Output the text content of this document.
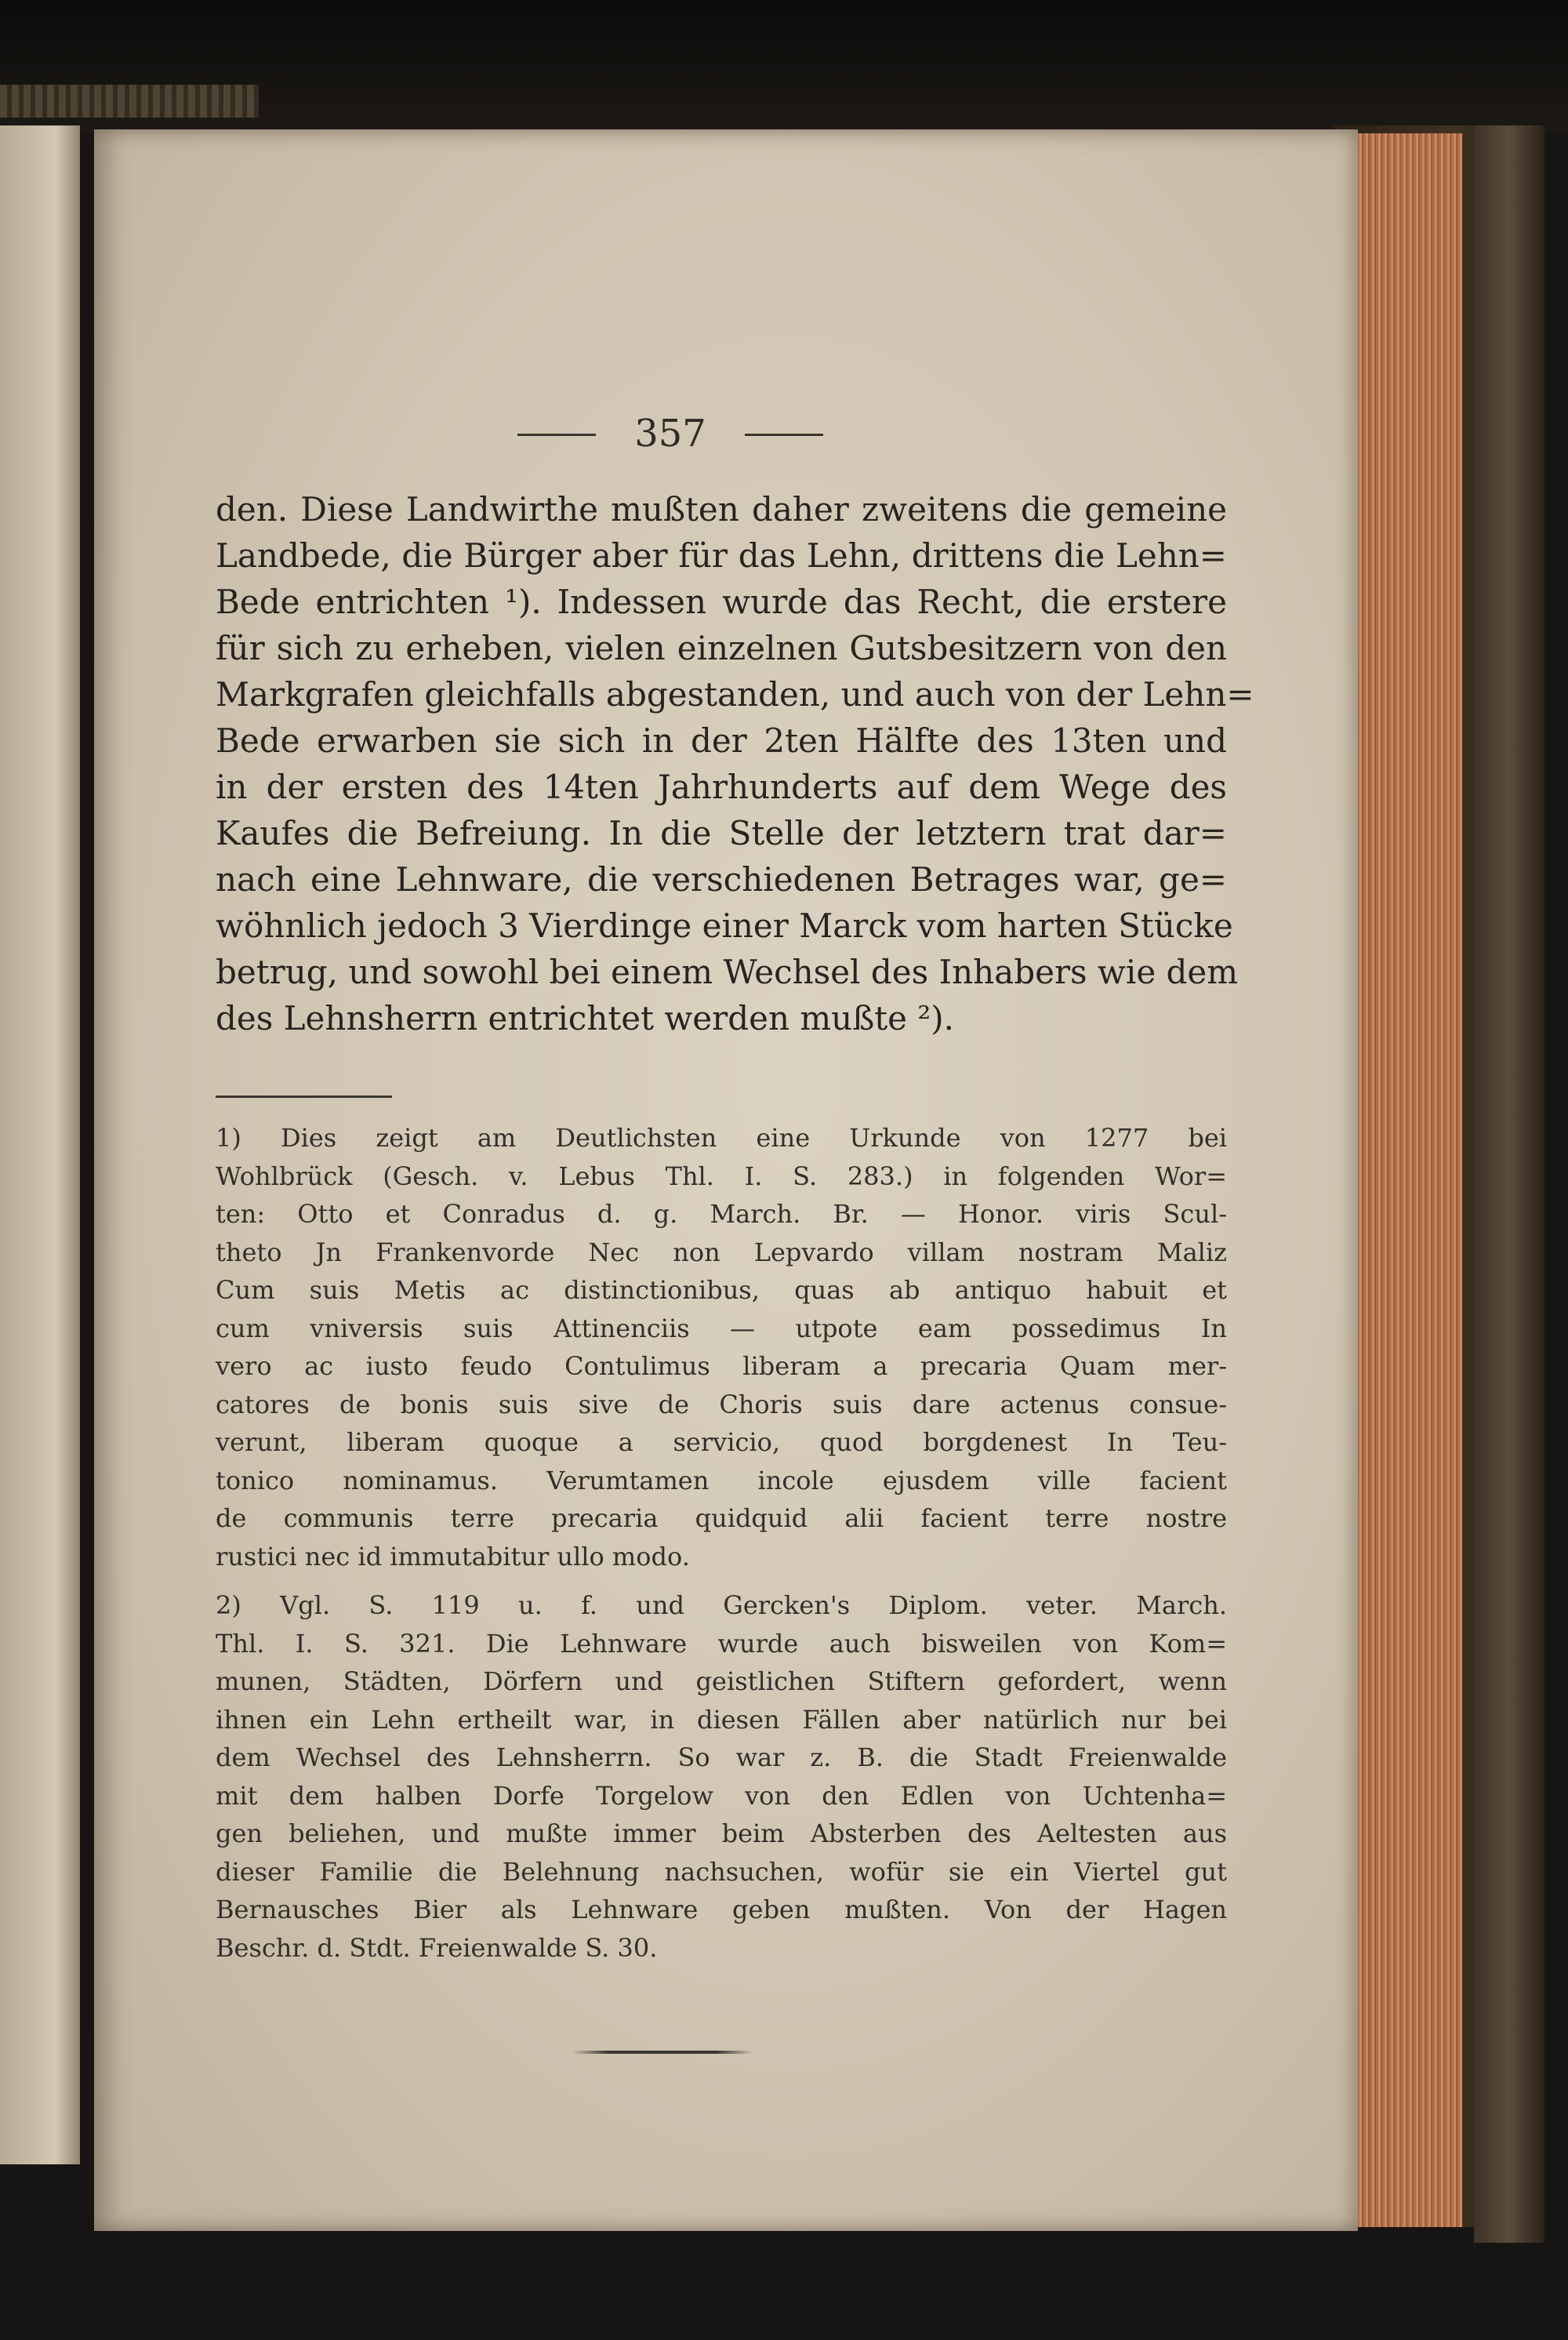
357
den. Diese Landwirthe mußten daher zweitens die gemeine
Landbede, die Bürger aber für das Lehn, drittens die Lehn=
Bede entrichten ¹). Indessen wurde das Recht, die erstere
für sich zu erheben, vielen einzelnen Gutsbesitzern von den
Markgrafen gleichfalls abgestanden, und auch von der Lehn=
Bede erwarben sie sich in der 2ten Hälfte des 13ten und
in der ersten des 14ten Jahrhunderts auf dem Wege des
Kaufes die Befreiung. In die Stelle der letztern trat dar=
nach eine Lehnware, die verschiedenen Betrages war, ge=
wöhnlich jedoch 3 Vierdinge einer Marck vom harten Stücke
betrug, und sowohl bei einem Wechsel des Inhabers wie dem
des Lehnsherrn entrichtet werden mußte ²).
1) Dies zeigt am Deutlichsten eine Urkunde von 1277 bei
Wohlbrück (Gesch. v. Lebus Thl. I. S. 283.) in folgenden Wor=
ten: Otto et Conradus d. g. March. Br. — Honor. viris Scul-
theto Jn Frankenvorde Nec non Lepvardo villam nostram Maliz
Cum suis Metis ac distinctionibus, quas ab antiquo habuit et
cum vniversis suis Attinenciis — utpote eam possedimus In
vero ac iusto feudo Contulimus liberam a precaria Quam mer-
catores de bonis suis sive de Choris suis dare actenus consue-
verunt, liberam quoque a servicio, quod borgdenest In Teu-
tonico nominamus. Verumtamen incole ejusdem ville facient
de communis terre precaria quidquid alii facient terre nostre
rustici nec id immutabitur ullo modo.
2) Vgl. S. 119 u. f. und Gercken's Diplom. veter. March.
Thl. I. S. 321. Die Lehnware wurde auch bisweilen von Kom=
munen, Städten, Dörfern und geistlichen Stiftern gefordert, wenn
ihnen ein Lehn ertheilt war, in diesen Fällen aber natürlich nur bei
dem Wechsel des Lehnsherrn. So war z. B. die Stadt Freienwalde
mit dem halben Dorfe Torgelow von den Edlen von Uchtenha=
gen beliehen, und mußte immer beim Absterben des Aeltesten aus
dieser Familie die Belehnung nachsuchen, wofür sie ein Viertel gut
Bernausches Bier als Lehnware geben mußten. Von der Hagen
Beschr. d. Stdt. Freienwalde S. 30.
